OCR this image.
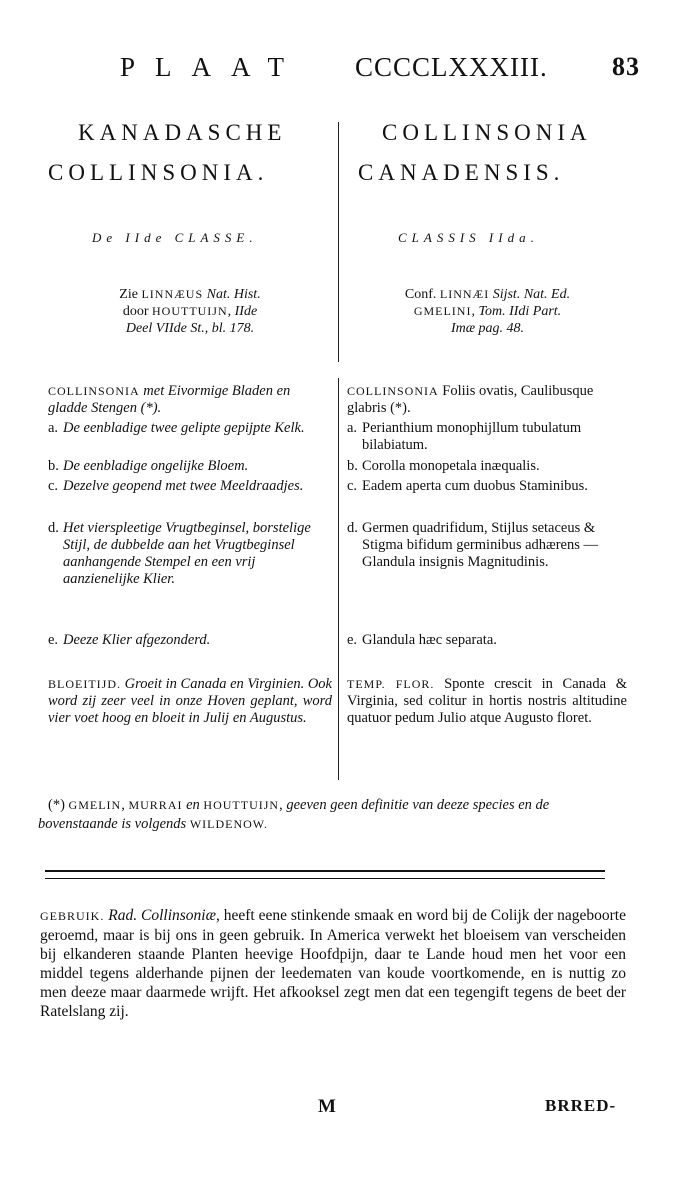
PLAAT CCCCLXXXIII. 83
KANADASCHE
COLLINSONIA.
COLLINSONIA
CANADENSIS.
De IIde CLASSE.	CLASSIS IIda.
Zie LINNÆUS Nat. Hist.
door HOUTTUIJN, IIde
Deel VIIde St., bl. 178.
Conf. LINNÆI Sijst. Nat. Ed.
GMELINI, Tom. IIdi Part.
Imæ pag. 48.
COLLINSONIA met Eivormige Bladen en gladde Stengen (*).
a. De eenbladige twee gelipte gepijpte Kelk.
b. De eenbladige ongelijke Bloem.
c. Dezelve geopend met twee Meeldraadjes.
d. Het vierspleetige Vrugtbeginsel, borstelige Stijl, de dubbelde aan het Vrugtbeginsel aanhangende Stempel en een vrij aanzienelijke Klier.
e. Deeze Klier afgezonderd.
COLLINSONIA Foliis ovatis, Caulibusque glabris (*).
a. Perianthium monophijllum tubulatum bilabiatum.
b. Corolla monopetala inæqualis.
c. Eadem aperta cum duobus Staminibus.
d. Germen quadrifidum, Stijlus setaceus & Stigma bifidum germinibus adhærens — Glandula insignis Magnitudinis.
e. Glandula hæc separata.
BLOEITIJD. Groeit in Canada en Virginien. Ook word zij zeer veel in onze Hoven geplant, word vier voet hoog en bloeit in Julij en Augustus.
TEMP. FLOR. Sponte crescit in Canada & Virginia, sed colitur in hortis nostris altitudine quatuor pedum Julio atque Augusto floret.
(*) GMELIN, MURRAI en HOUTTUIJN, geeven geen definitie van deeze species en de bovenstaande is volgends WILDENOW.
GEBRUIK. Rad. Collinsoniæ, heeft eene stinkende smaak en word bij de Colijk der nageboorte geroemd, maar is bij ons in geen gebruik. In America verwekt het bloeisem van verscheiden bij elkanderen staande Planten heevige Hoofdpijn, daar te Lande houd men het voor een middel tegens alderhande pijnen der leedematen van koude voortkomende, en is nuttig zo men deeze maar daarmede wrijft. Het afkooksel zegt men dat een tegengift tegens de beet der Ratelslang zij.
M	BRRED-
